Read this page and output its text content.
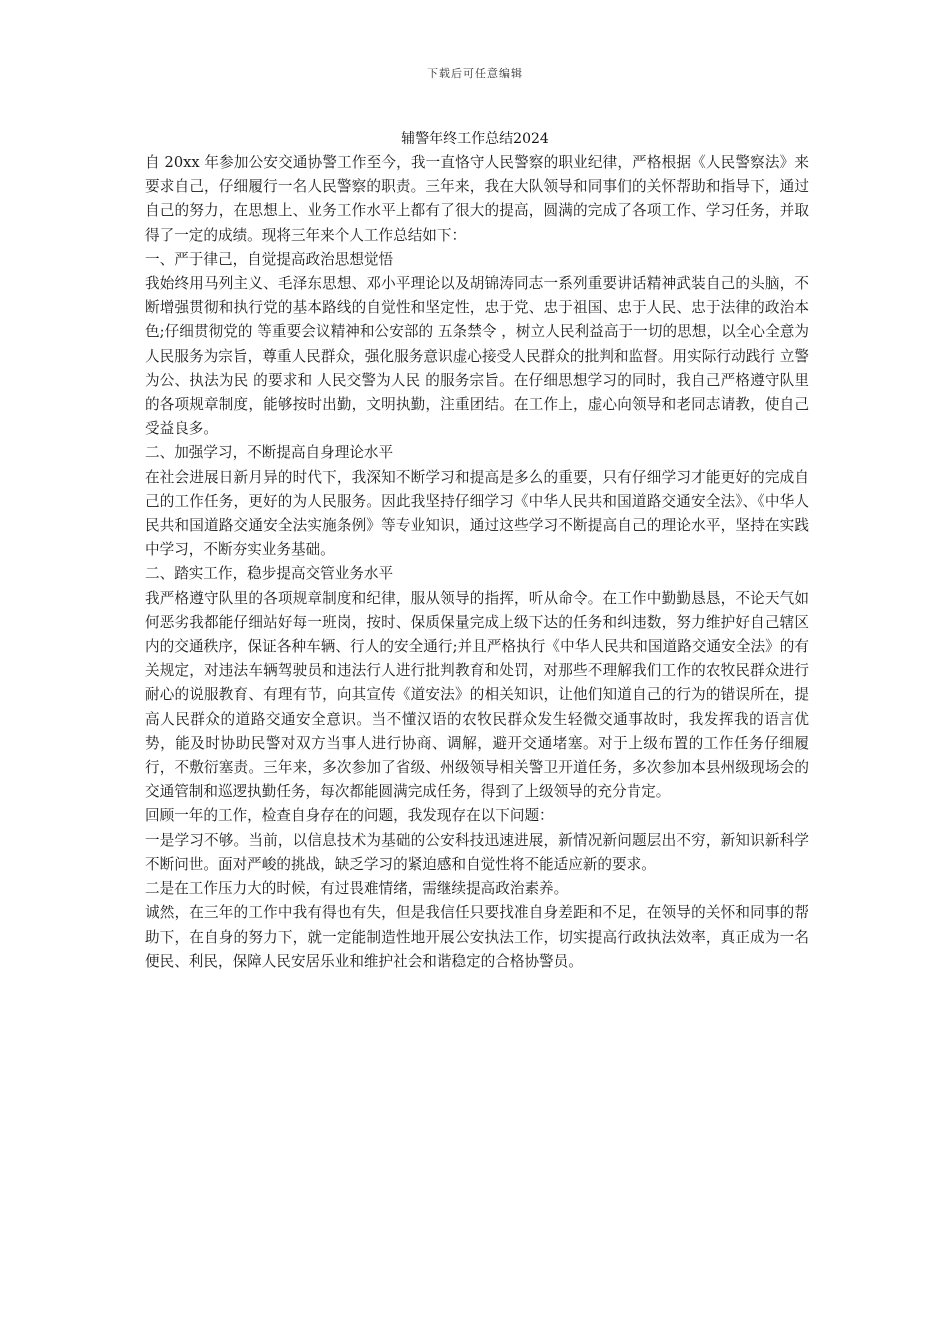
下载后可任意编辑
辅警年终工作总结2024

自 20xx 年参加公安交通协警工作至今，我一直恪守人民警察的职业纪律，严格根据《人民警察法》来要求自己，仔细履行一名人民警察的职责。三年来，我在大队领导和同事们的关怀帮助和指导下，通过自己的努力，在思想上、业务工作水平上都有了很大的提高，圆满的完成了各项工作、学习任务，并取得了一定的成绩。现将三年来个人工作总结如下：

一、严于律己，自觉提高政治思想觉悟

我始终用马列主义、毛泽东思想、邓小平理论以及胡锦涛同志一系列重要讲话精神武装自己的头脑，不断增强贯彻和执行党的基本路线的自觉性和坚定性，忠于党、忠于祖国、忠于人民、忠于法律的政治本色;仔细贯彻党的 等重要会议精神和公安部的 五条禁令 ，树立人民利益高于一切的思想，以全心全意为人民服务为宗旨，尊重人民群众，强化服务意识虚心接受人民群众的批判和监督。用实际行动践行 立警为公、执法为民 的要求和 人民交警为人民 的服务宗旨。在仔细思想学习的同时，我自己严格遵守队里的各项规章制度，能够按时出勤，文明执勤，注重团结。在工作上，虚心向领导和老同志请教，使自己受益良多。

二、加强学习，不断提高自身理论水平

在社会进展日新月异的时代下，我深知不断学习和提高是多么的重要，只有仔细学习才能更好的完成自己的工作任务，更好的为人民服务。因此我坚持仔细学习《中华人民共和国道路交通安全法》、《中华人民共和国道路交通安全法实施条例》等专业知识，通过这些学习不断提高自己的理论水平，坚持在实践中学习，不断夯实业务基础。

二、踏实工作，稳步提高交管业务水平

我严格遵守队里的各项规章制度和纪律，服从领导的指挥，听从命令。在工作中勤勤恳恳，不论天气如何恶劣我都能仔细站好每一班岗，按时、保质保量完成上级下达的任务和纠违数，努力维护好自己辖区内的交通秩序，保证各种车辆、行人的安全通行;并且严格执行《中华人民共和国道路交通安全法》的有关规定，对违法车辆驾驶员和违法行人进行批判教育和处罚，对那些不理解我们工作的农牧民群众进行耐心的说服教育、有理有节，向其宣传《道安法》的相关知识，让他们知道自己的行为的错误所在，提高人民群众的道路交通安全意识。当不懂汉语的农牧民群众发生轻微交通事故时，我发挥我的语言优势，能及时协助民警对双方当事人进行协商、调解，避开交通堵塞。对于上级布置的工作任务仔细履行，不敷衍塞责。三年来，多次参加了省级、州级领导相关警卫开道任务，多次参加本县州级现场会的交通管制和巡逻执勤任务，每次都能圆满完成任务，得到了上级领导的充分肯定。

回顾一年的工作，检查自身存在的问题，我发现存在以下问题：

一是学习不够。当前，以信息技术为基础的公安科技迅速进展，新情况新问题层出不穷，新知识新科学不断问世。面对严峻的挑战，缺乏学习的紧迫感和自觉性将不能适应新的要求。

二是在工作压力大的时候，有过畏难情绪，需继续提高政治素养。

诚然，在三年的工作中我有得也有失，但是我信任只要找准自身差距和不足，在领导的关怀和同事的帮助下，在自身的努力下，就一定能制造性地开展公安执法工作，切实提高行政执法效率，真正成为一名便民、利民，保障人民安居乐业和维护社会和谐稳定的合格协警员。
